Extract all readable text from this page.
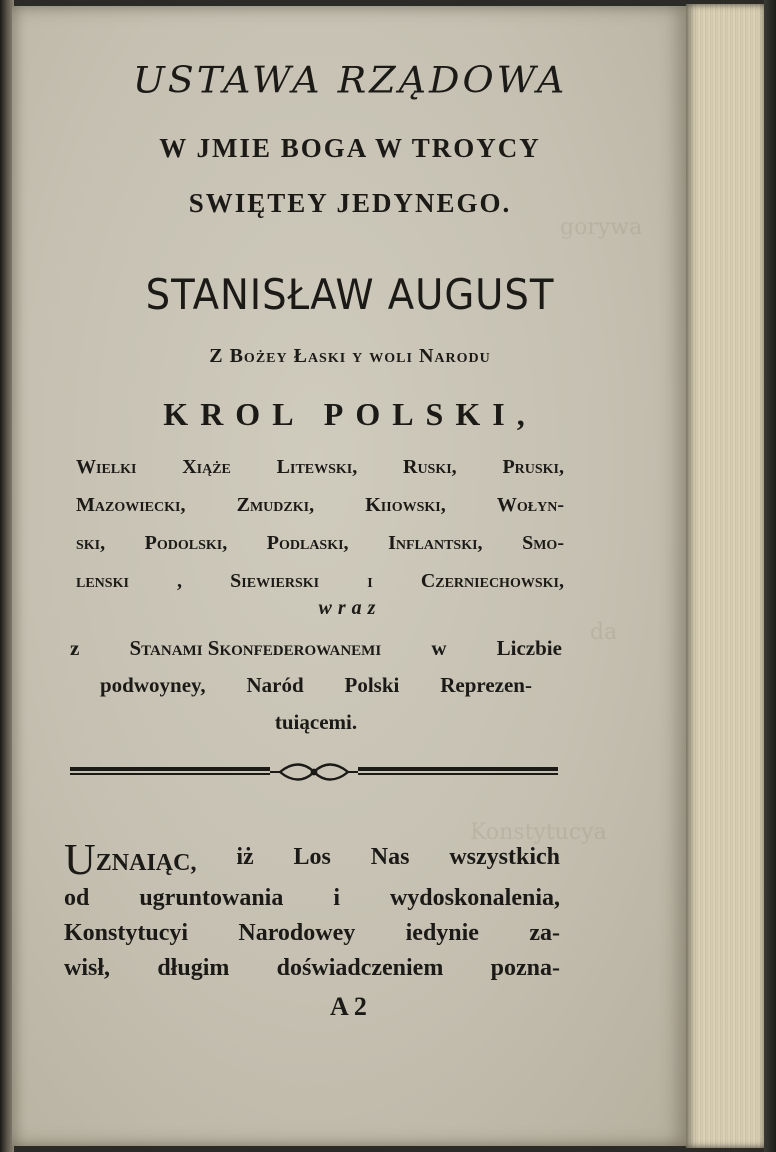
USTAWA RZĄDOWA
W JMIE BOGA W TROYCY
SWIĘTEY JEDYNEGO.
STANISŁAW AUGUST
Z Bożey Łaski y woli Narodu
KROL POLSKI,
Wielki Xiąże Litewski, Ruski, Pruski,
Mazowiecki,	Zmudzki,	Kiiowski,	Wołyn-
ski, Podolski, Podlaski, Inflantski, Smo-
lenski , Siewierski i Czerniechowski,
wraz
z Stanami Skonfederowanemi w Liczbie
podwoyney, Naród Polski Reprezen-
tuiącemi.
UZNAIĄC, iż Los Nas wszystkich
od ugruntowania i wydoskonalenia,
Konstytucyi Narodowey iedynie za-
wisł, długim doświadczeniem pozna-
A 2
